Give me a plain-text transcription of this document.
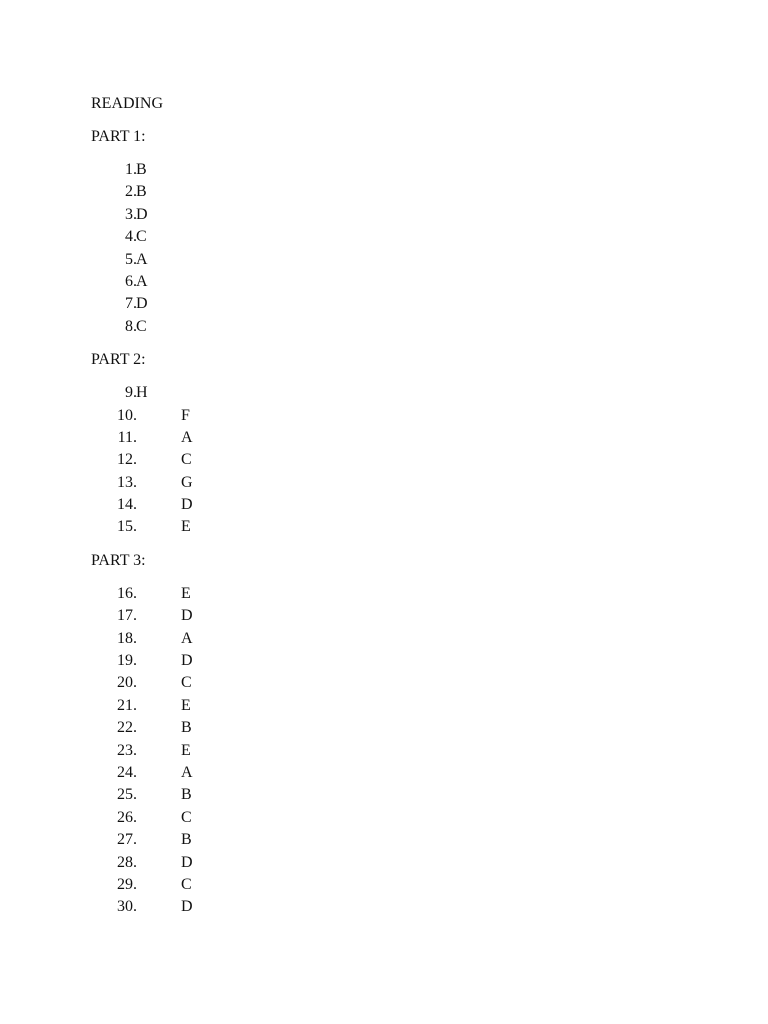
READING
PART 1:
1. B
2. B
3. D
4. C
5. A
6. A
7. D
8. C
PART 2:
9. H
10.	F
11.	A
12.	C
13.	G
14.	D
15.	E
PART 3:
16.	E
17.	D
18.	A
19.	D
20.	C
21.	E
22.	B
23.	E
24.	A
25.	B
26.	C
27.	B
28.	D
29.	C
30.	D
